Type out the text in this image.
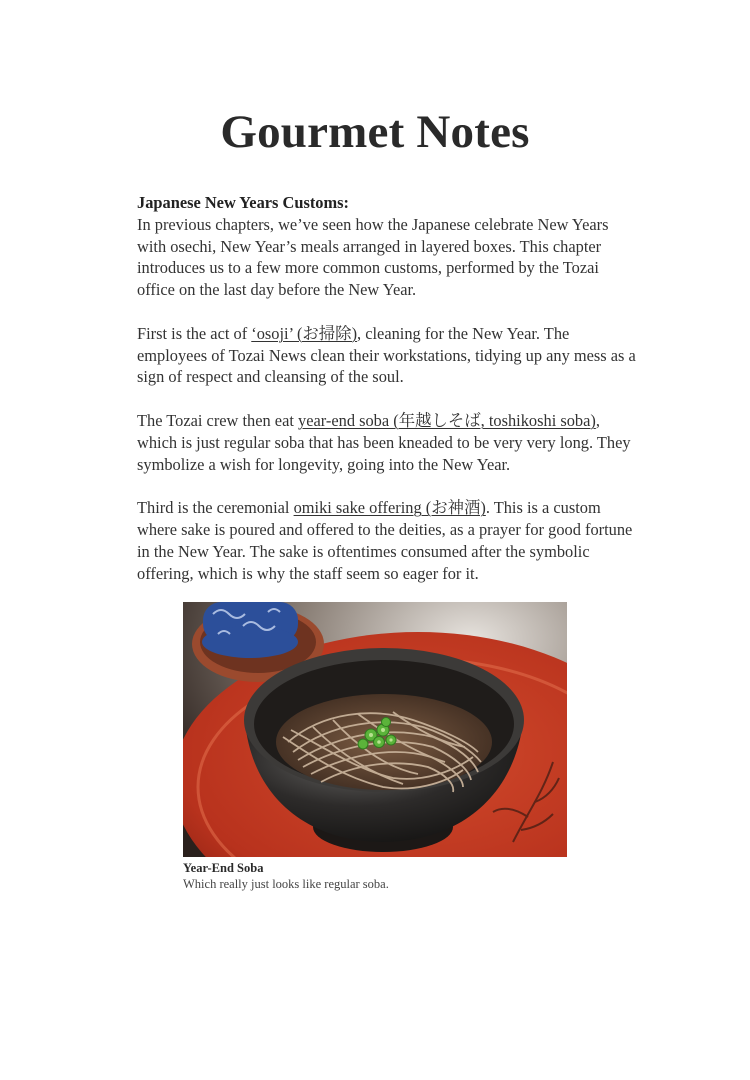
Gourmet Notes
Japanese New Years Customs:

In previous chapters, we’ve seen how the Japanese celebrate New Years with osechi, New Year’s meals arranged in layered boxes. This chapter introduces us to a few more common customs, performed by the Tozai office on the last day before the New Year.

First is the act of ‘osoji’ (お掃除), cleaning for the New Year. The employees of Tozai News clean their workstations, tidying up any mess as a sign of respect and cleansing of the soul.

The Tozai crew then eat year-end soba (年越しそば, toshikoshi soba), which is just regular soba that has been kneaded to be very very long. They symbolize a wish for longevity, going into the New Year.

Third is the ceremonial omiki sake offering (お神酒). This is a custom where sake is poured and offered to the deities, as a prayer for good fortune in the New Year. The sake is oftentimes consumed after the symbolic offering, which is why the staff seem so eager for it.

Year-End Soba
Which really just looks like regular soba.
